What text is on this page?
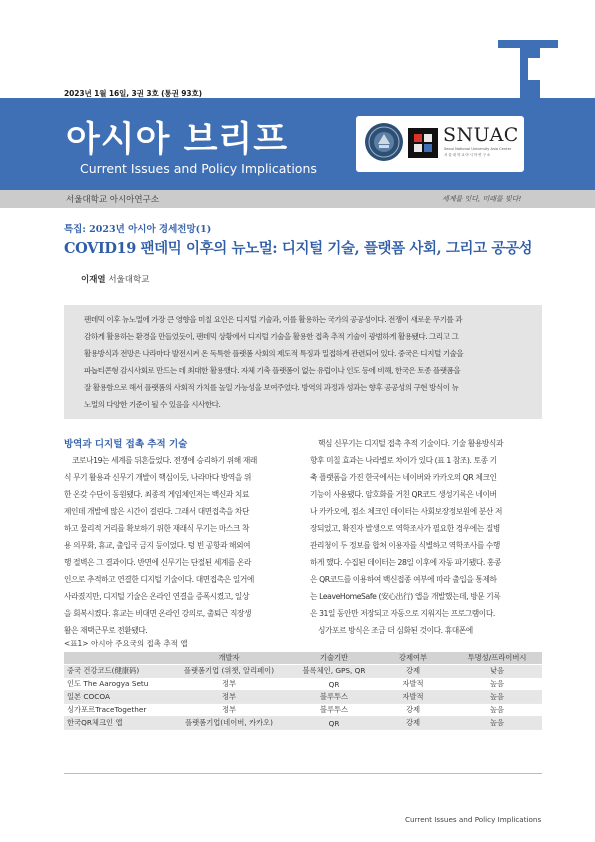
2023년 1월 16일, 3권 3호 (통권 93호)
아시아 브리프
Current Issues and Policy Implications
SNUAC
Seoul National University Asia Center
서울대학교아시아연구소
서울대학교 아시아연구소	세계를 잇다, 미래를 빚다!
특집: 2023년 아시아 경세전망(1)
COVID19 팬데믹 이후의 뉴노멀: 디지털 기술, 플랫폼 사회, 그리고 공공성
이재열 서울대학교
팬데믹 이후 뉴노멀에 가장 큰 영향을 미칠 요인은 디지털 기술과, 이를 활용하는 국가의 공공성이다. 전쟁이 새로운 무기를 과
감하게 활용하는 환경을 만들었듯이, 팬데믹 상황에서 디지털 기술을 활용한 접촉 추적 기술이 광범하게 활용됐다. 그리고 그
활용방식과 전망은 나라마다 발전시켜 온 독특한 플랫폼 사회의 제도적 특징과 밀접하게 관련되어 있다. 중국은 디지털 기술을
파놉티콘형 감시사회로 만드는 데 최대한 활용했다. 자체 기축 플랫폼이 없는 유럽이나 인도 등에 비해, 한국은 토종 플랫폼을
잘 활용함으로 해서 플랫폼의 사회적 가치를 높일 가능성을 보여주었다. 방역의 과정과 성과는 향후 공공성의 구현 방식이 뉴
노멀의 다양한 기준이 될 수 있음을 시사한다.
방역과 디지털 접촉 추적 기술
코로나19는 세계를 뒤흔들었다. 전쟁에 승리하기 위해 재래
식 무기 활용과 신무기 개발이 핵심이듯, 나라마다 방역을 위
한 온갖 수단이 동원됐다. 최종적 게임체인저는 백신과 치료
제인데 개발에 많은 시간이 걸린다. 그래서 대면접촉을 차단
하고 물리적 거리를 확보하기 위한 재래식 무기는 마스크 착
용 의무화, 휴교, 출입국 금지 등이었다. 텅 빈 공항과 해외여
행 절벽은 그 결과이다. 반면에 신무기는 단절된 세계를 온라
인으로 추적하고 연결한 디지털 기술이다. 대면접촉은 일거에
사라졌지만, 디지털 기술은 온라인 연결을 증폭시켰고, 일상
을 회복시켰다. 휴교는 비대면 온라인 강의로, 출퇴근 직장생
활은 재택근무로 전환됐다.
핵심 신무기는 디지털 접촉 추적 기술이다. 기술 활용방식과
향후 미칠 효과는 나라별로 차이가 있다 (표 1 참조). 토종 기
축 플랫폼을 가진 한국에서는 네이버와 카카오의 QR 체크인
기능이 사용됐다. 암호화를 거친 QR코드 생성기록은 네이버
나 카카오에, 점소 체크인 데이터는 사회보장정보원에 분산 저
장되었고, 확진자 발생으로 역학조사가 필요한 경우에는 질병
관리청이 두 정보를 합쳐 이용자를 식별하고 역학조사를 수행
하게 했다. 수집된 데이터는 28일 이후에 자동 파기됐다. 홍콩
은 QR코드를 이용하여 백신접종 여부에 따라 출입을 통제하
는 LeaveHomeSafe (安心出行) 앱을 개발했는데, 방문 기록
은 31일 동안만 저장되고 자동으로 지워지는 프로그램이다.
싱가포르 방식은 조금 더 심화된 것이다. 휴대폰에
<표1> 아시아 주요국의 접촉 추적 앱
	개발자	기술기반	강제여부	투명성/프라이버시
중국 건강코드(健康码)	플랫폼기업 (위챗, 알리페이)	블록체인, GPS, QR	강제	낮음
인도 The Aarogya Setu	정부	QR	자발적	높음
일본 COCOA	정부	블루투스	자발적	높음
싱가포르TraceTogether	정부	블루투스	강제	높음
한국QR체크인 앱	플랫폼기업(네이버, 카카오)	QR	강제	높음
Current Issues and Policy Implications
